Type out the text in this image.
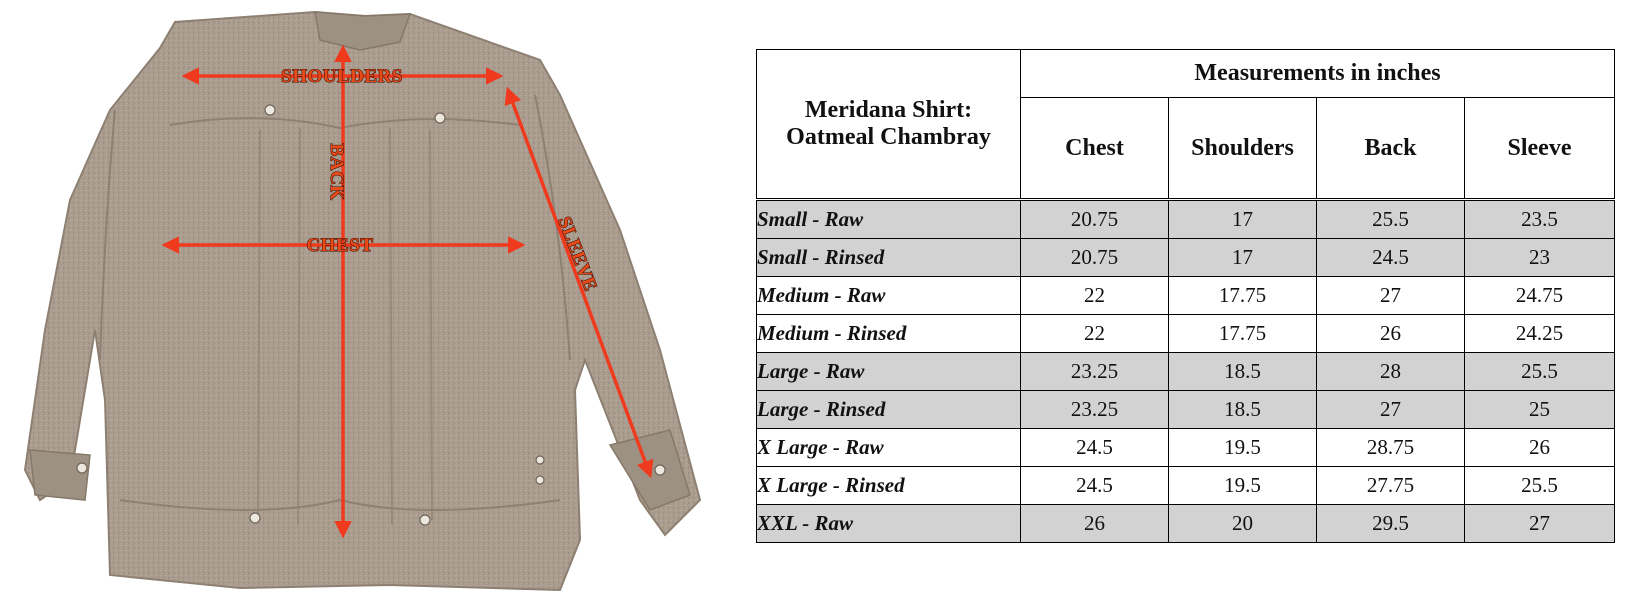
SHOULDERS
CHEST
BACK
SLEEVE
Meridana Shirt: Oatmeal Chambray	Measurements in inches			
	Chest	Shoulders	Back	Sleeve
Small - Raw	20.75	17	25.5	23.5
Small - Rinsed	20.75	17	24.5	23
Medium - Raw	22	17.75	27	24.75
Medium - Rinsed	22	17.75	26	24.25
Large - Raw	23.25	18.5	28	25.5
Large - Rinsed	23.25	18.5	27	25
X Large - Raw	24.5	19.5	28.75	26
X Large - Rinsed	24.5	19.5	27.75	25.5
XXL - Raw	26	20	29.5	27
